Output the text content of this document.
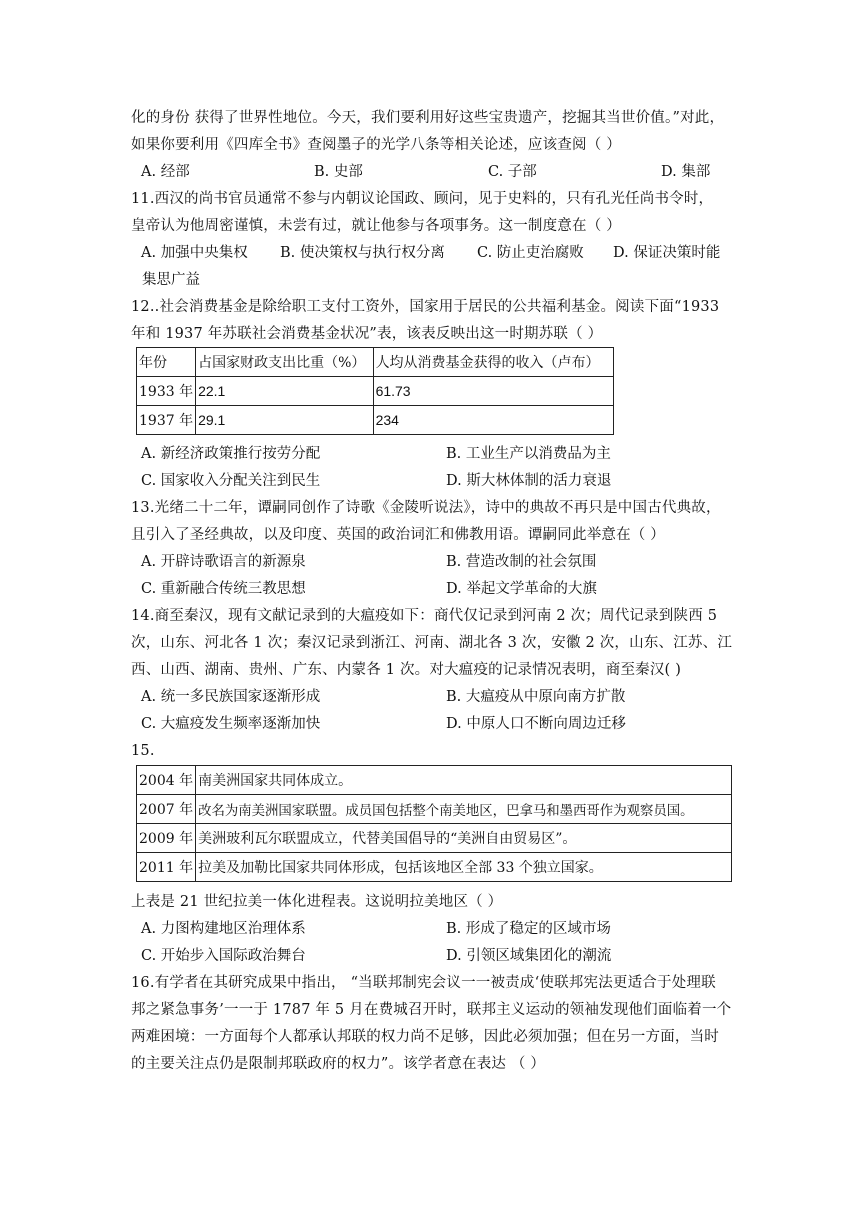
化的身份 获得了世界性地位。今天，我们要利用好这些宝贵遗产，挖掘其当世价值。”对此，
如果你要利用《四库全书》查阅墨子的光学八条等相关论述，应该查阅（ ）
A. 经部	B. 史部	C. 子部	D. 集部
11.西汉的尚书官员通常不参与内朝议论国政、顾问，见于史料的，只有孔光任尚书令时，
皇帝认为他周密谨慎，未尝有过，就让他参与各项事务。这一制度意在（ ）
A. 加强中央集权 B. 使决策权与执行权分离 C. 防止吏治腐败 D. 保证决策时能
集思广益
12..社会消费基金是除给职工支付工资外，国家用于居民的公共福利基金。阅读下面“1933
年和 1937 年苏联社会消费基金状况”表，该表反映出这一时期苏联（ ）
年份	占国家财政支出比重（%）	人均从消费基金获得的收入（卢布）
1933 年	22.1	61.73
1937 年	29.1	234
A. 新经济政策推行按劳分配	B. 工业生产以消费品为主
C. 国家收入分配关注到民生	D. 斯大林体制的活力衰退
13.光绪二十二年，谭嗣同创作了诗歌《金陵听说法》，诗中的典故不再只是中国古代典故，
且引入了圣经典故，以及印度、英国的政治词汇和佛教用语。谭嗣同此举意在（ ）
A. 开辟诗歌语言的新源泉	B. 营造改制的社会氛围
C. 重新融合传统三教思想	D. 举起文学革命的大旗
14.商至秦汉，现有文献记录到的大瘟疫如下：商代仅记录到河南 2 次；周代记录到陕西 5
次，山东、河北各 1 次；秦汉记录到浙江、河南、湖北各 3 次，安徽 2 次，山东、江苏、江
西、山西、湖南、贵州、广东、内蒙各 1 次。对大瘟疫的记录情况表明，商至秦汉( )
A. 统一多民族国家逐渐形成	B. 大瘟疫从中原向南方扩散
C. 大瘟疫发生频率逐渐加快	D. 中原人口不断向周边迁移
15.
2004 年	南美洲国家共同体成立。
2007 年	改名为南美洲国家联盟。成员国包括整个南美地区，巴拿马和墨西哥作为观察员国。
2009 年	美洲玻利瓦尔联盟成立，代替美国倡导的“美洲自由贸易区”。
2011 年	拉美及加勒比国家共同体形成，包括该地区全部 33 个独立国家。
上表是 21 世纪拉美一体化进程表。这说明拉美地区（ ）
A. 力图构建地区治理体系	B. 形成了稳定的区域市场
C. 开始步入国际政治舞台	D. 引领区域集团化的潮流
16.有学者在其研究成果中指出， “当联邦制宪会议一一被责成‘使联邦宪法更适合于处理联
邦之紧急事务’一一于 1787 年 5 月在费城召开时，联邦主义运动的领袖发现他们面临着一个
两难困境：一方面每个人都承认邦联的权力尚不足够，因此必须加强；但在另一方面，当时
的主要关注点仍是限制邦联政府的权力”。该学者意在表达 （ ）
